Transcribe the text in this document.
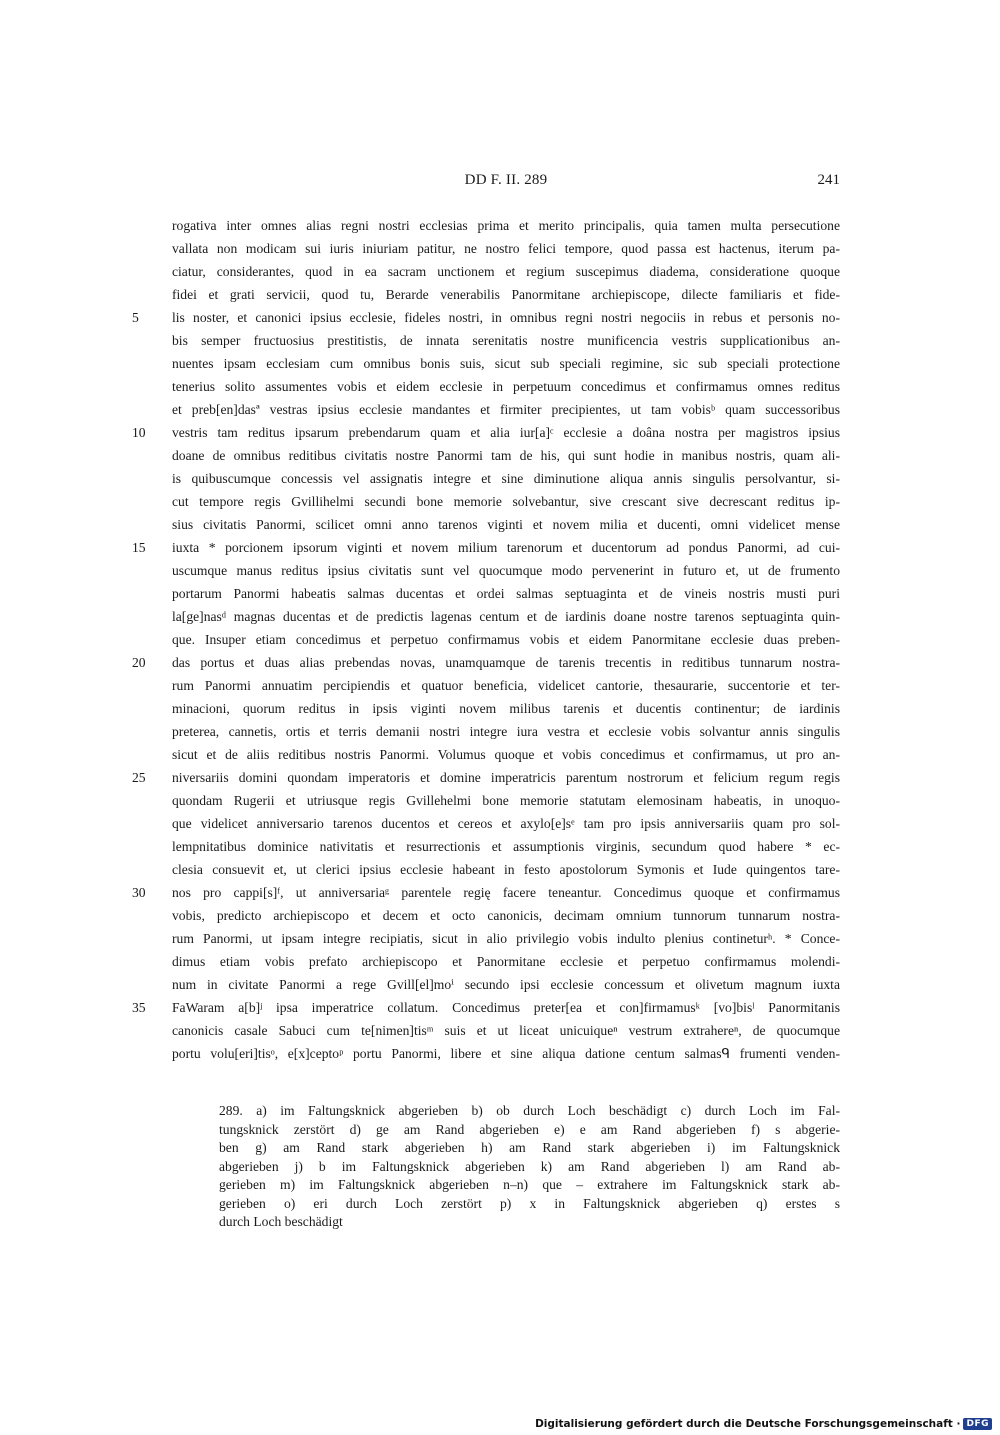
DD F. II. 289	241
rogativa inter omnes alias regni nostri ecclesias prima et merito principalis, quia tamen multa persecutione
vallata non modicam sui iuris iniuriam patitur, ne nostro felici tempore, quod passa est hactenus, iterum pa-
ciatur, considerantes, quod in ea sacram unctionem et regium suscepimus diadema, consideratione quoque
fidei et grati servicii, quod tu, Berarde venerabilis Panormitane archiepiscope, dilecte familiaris et fide-
5	lis noster, et canonici ipsius ecclesie, fideles nostri, in omnibus regni nostri negociis in rebus et personis no-
bis semper fructuosius prestitistis, de innata serenitatis nostre munificencia vestris supplicationibus an-
nuentes ipsam ecclesiam cum omnibus bonis suis, sicut sub speciali regimine, sic sub speciali protectione
tenerius solito assumentes vobis et eidem ecclesie in perpetuum concedimus et confirmamus omnes reditus
et preb[en]dasª vestras ipsius ecclesie mandantes et firmiter precipientes, ut tam vobisᵇ quam successoribus
10	vestris tam reditus ipsarum prebendarum quam et alia iur[a]ᶜ ecclesie a doâna nostra per magistros ipsius
doane de omnibus reditibus civitatis nostre Panormi tam de his, qui sunt hodie in manibus nostris, quam ali-
is quibuscumque concessis vel assignatis integre et sine diminutione aliqua annis singulis persolvantur, si-
cut tempore regis Gvillihelmi secundi bone memorie solvebantur, sive crescant sive decrescant reditus ip-
sius civitatis Panormi, scilicet omni anno tarenos viginti et novem milia et ducenti, omni videlicet mense
15	iuxta * porcionem ipsorum viginti et novem milium tarenorum et ducentorum ad pondus Panormi, ad cui-
uscumque manus reditus ipsius civitatis sunt vel quocumque modo pervenerint in futuro et, ut de frumento
portarum Panormi habeatis salmas ducentas et ordei salmas septuaginta et de vineis nostris musti puri
la[ge]nasᵈ magnas ducentas et de predictis lagenas centum et de iardinis doane nostre tarenos septuaginta quin-
que. Insuper etiam concedimus et perpetuo confirmamus vobis et eidem Panormitane ecclesie duas preben-
20	das portus et duas alias prebendas novas, unamquamque de tarenis trecentis in reditibus tunnarum nostra-
rum Panormi annuatim percipiendis et quatuor beneficia, videlicet cantorie, thesaurarie, succentorie et ter-
minacioni, quorum reditus in ipsis viginti novem milibus tarenis et ducentis continentur; de iardinis
preterea, cannetis, ortis et terris demanii nostri integre iura vestra et ecclesie vobis solvantur annis singulis
sicut et de aliis reditibus nostris Panormi. Volumus quoque et vobis concedimus et confirmamus, ut pro an-
25	niversariis domini quondam imperatoris et domine imperatricis parentum nostrorum et felicium regum regis
quondam Rugerii et utriusque regis Gvillehelmi bone memorie statutam elemosinam habeatis, in unoquo-
que videlicet anniversario tarenos ducentos et cereos et axylo[e]sᵉ tam pro ipsis anniversariis quam pro sol-
lempnitatibus dominice nativitatis et resurrectionis et assumptionis virginis, secundum quod habere * ec-
clesia consuevit et, ut clerici ipsius ecclesie habeant in festo apostolorum Symonis et Iude quingentos tare-
30	nos pro cappi[s]ᶠ, ut anniversariaᵍ parentele regię facere teneantur. Concedimus quoque et confirmamus
vobis, predicto archiepiscopo et decem et octo canonicis, decimam omnium tunnorum tunnarum nostra-
rum Panormi, ut ipsam integre recipiatis, sicut in alio privilegio vobis indulto plenius contineturʰ. * Conce-
dimus etiam vobis prefato archiepiscopo et Panormitane ecclesie et perpetuo confirmamus molendi-
num in civitate Panormi a rege Gvill[el]moⁱ secundo ipsi ecclesie concessum et olivetum magnum iuxta
35	FaWaram a[b]ʲ ipsa imperatrice collatum. Concedimus preter[ea et con]firmamusᵏ [vo]bisˡ Panormitanis
canonicis casale Sabuci cum te[nimen]tisᵐ suis et ut liceat unicuiqueⁿ vestrum extrahereⁿ, de quocumque
portu volu[eri]tisᵒ, e[x]ceptoᵖ portu Panormi, libere et sine aliqua datione centum salmasᑫ frumenti venden-
289. a) im Faltungsknick abgerieben b) ob durch Loch beschädigt c) durch Loch im Fal-
tungsknick zerstört d) ge am Rand abgerieben e) e am Rand abgerieben f) s abgerie-
ben g) am Rand stark abgerieben h) am Rand stark abgerieben i) im Faltungsknick
abgerieben j) b im Faltungsknick abgerieben k) am Rand abgerieben l) am Rand ab-
gerieben m) im Faltungsknick abgerieben n–n) que – extrahere im Faltungsknick stark ab-
gerieben o) eri durch Loch zerstört p) x in Faltungsknick abgerieben q) erstes s
durch Loch beschädigt
Digitalisierung gefördert durch die Deutsche Forschungsgemeinschaft · DFG
